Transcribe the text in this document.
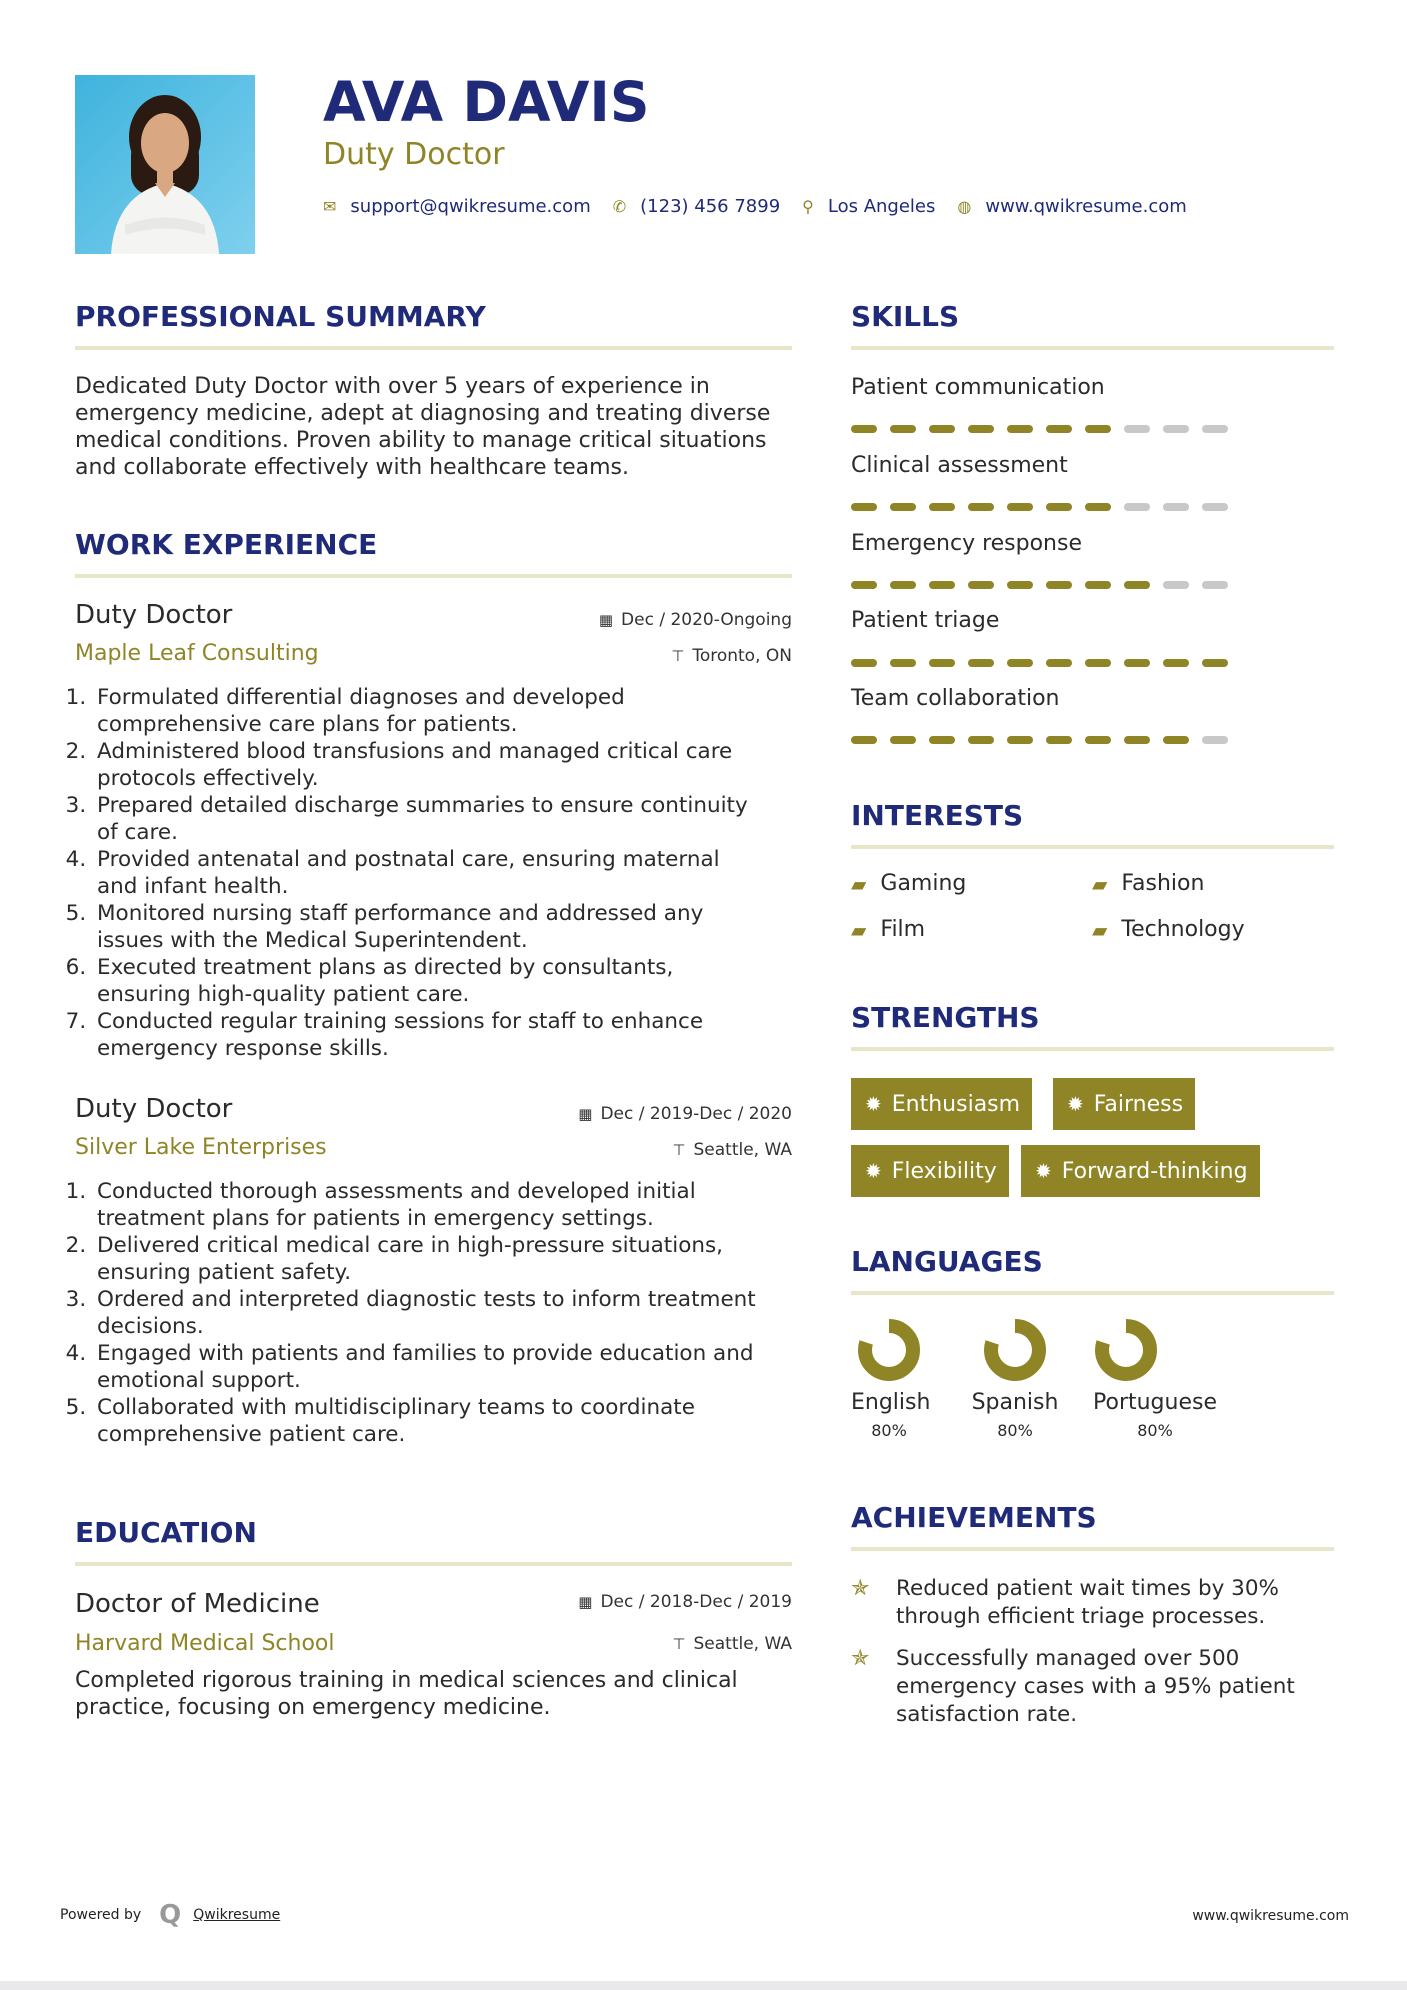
AVA DAVIS
Duty Doctor
✉ support@qwikresume.com ✆ (123) 456 7899 ⚲ Los Angeles ◍ www.qwikresume.com
PROFESSIONAL SUMMARY
Dedicated Duty Doctor with over 5 years of experience in
emergency medicine, adept at diagnosing and treating diverse
medical conditions. Proven ability to manage critical situations
and collaborate effectively with healthcare teams.
WORK EXPERIENCE
Duty Doctor
Maple Leaf Consulting
▦ Dec / 2020-Ongoing
⊤ Toronto, ON
1. Formulated differential diagnoses and developed
comprehensive care plans for patients.
2. Administered blood transfusions and managed critical care
protocols effectively.
3. Prepared detailed discharge summaries to ensure continuity
of care.
4. Provided antenatal and postnatal care, ensuring maternal
and infant health.
5. Monitored nursing staff performance and addressed any
issues with the Medical Superintendent.
6. Executed treatment plans as directed by consultants,
ensuring high-quality patient care.
7. Conducted regular training sessions for staff to enhance
emergency response skills.
Duty Doctor
Silver Lake Enterprises
▦ Dec / 2019-Dec / 2020
⊤ Seattle, WA
1. Conducted thorough assessments and developed initial
treatment plans for patients in emergency settings.
2. Delivered critical medical care in high-pressure situations,
ensuring patient safety.
3. Ordered and interpreted diagnostic tests to inform treatment
decisions.
4. Engaged with patients and families to provide education and
emotional support.
5. Collaborated with multidisciplinary teams to coordinate
comprehensive patient care.
EDUCATION
Doctor of Medicine
Harvard Medical School
▦ Dec / 2018-Dec / 2019
⊤ Seattle, WA
Completed rigorous training in medical sciences and clinical
practice, focusing on emergency medicine.
SKILLS
Patient communication
Clinical assessment
Emergency response
Patient triage
Team collaboration
INTERESTS
▰ Gaming	▰ Fashion
▰ Film	▰ Technology
STRENGTHS
✹ Enthusiasm ✹ Fairness
✹ Flexibility ✹ Forward-thinking
LANGUAGES
English
80%
Spanish
80%
Portuguese
80%
ACHIEVEMENTS
✯	Reduced patient wait times by 30%
through efficient triage processes.
✯	Successfully managed over 500
emergency cases with a 95% patient
satisfaction rate.
Powered by Q Qwikresume	www.qwikresume.com
